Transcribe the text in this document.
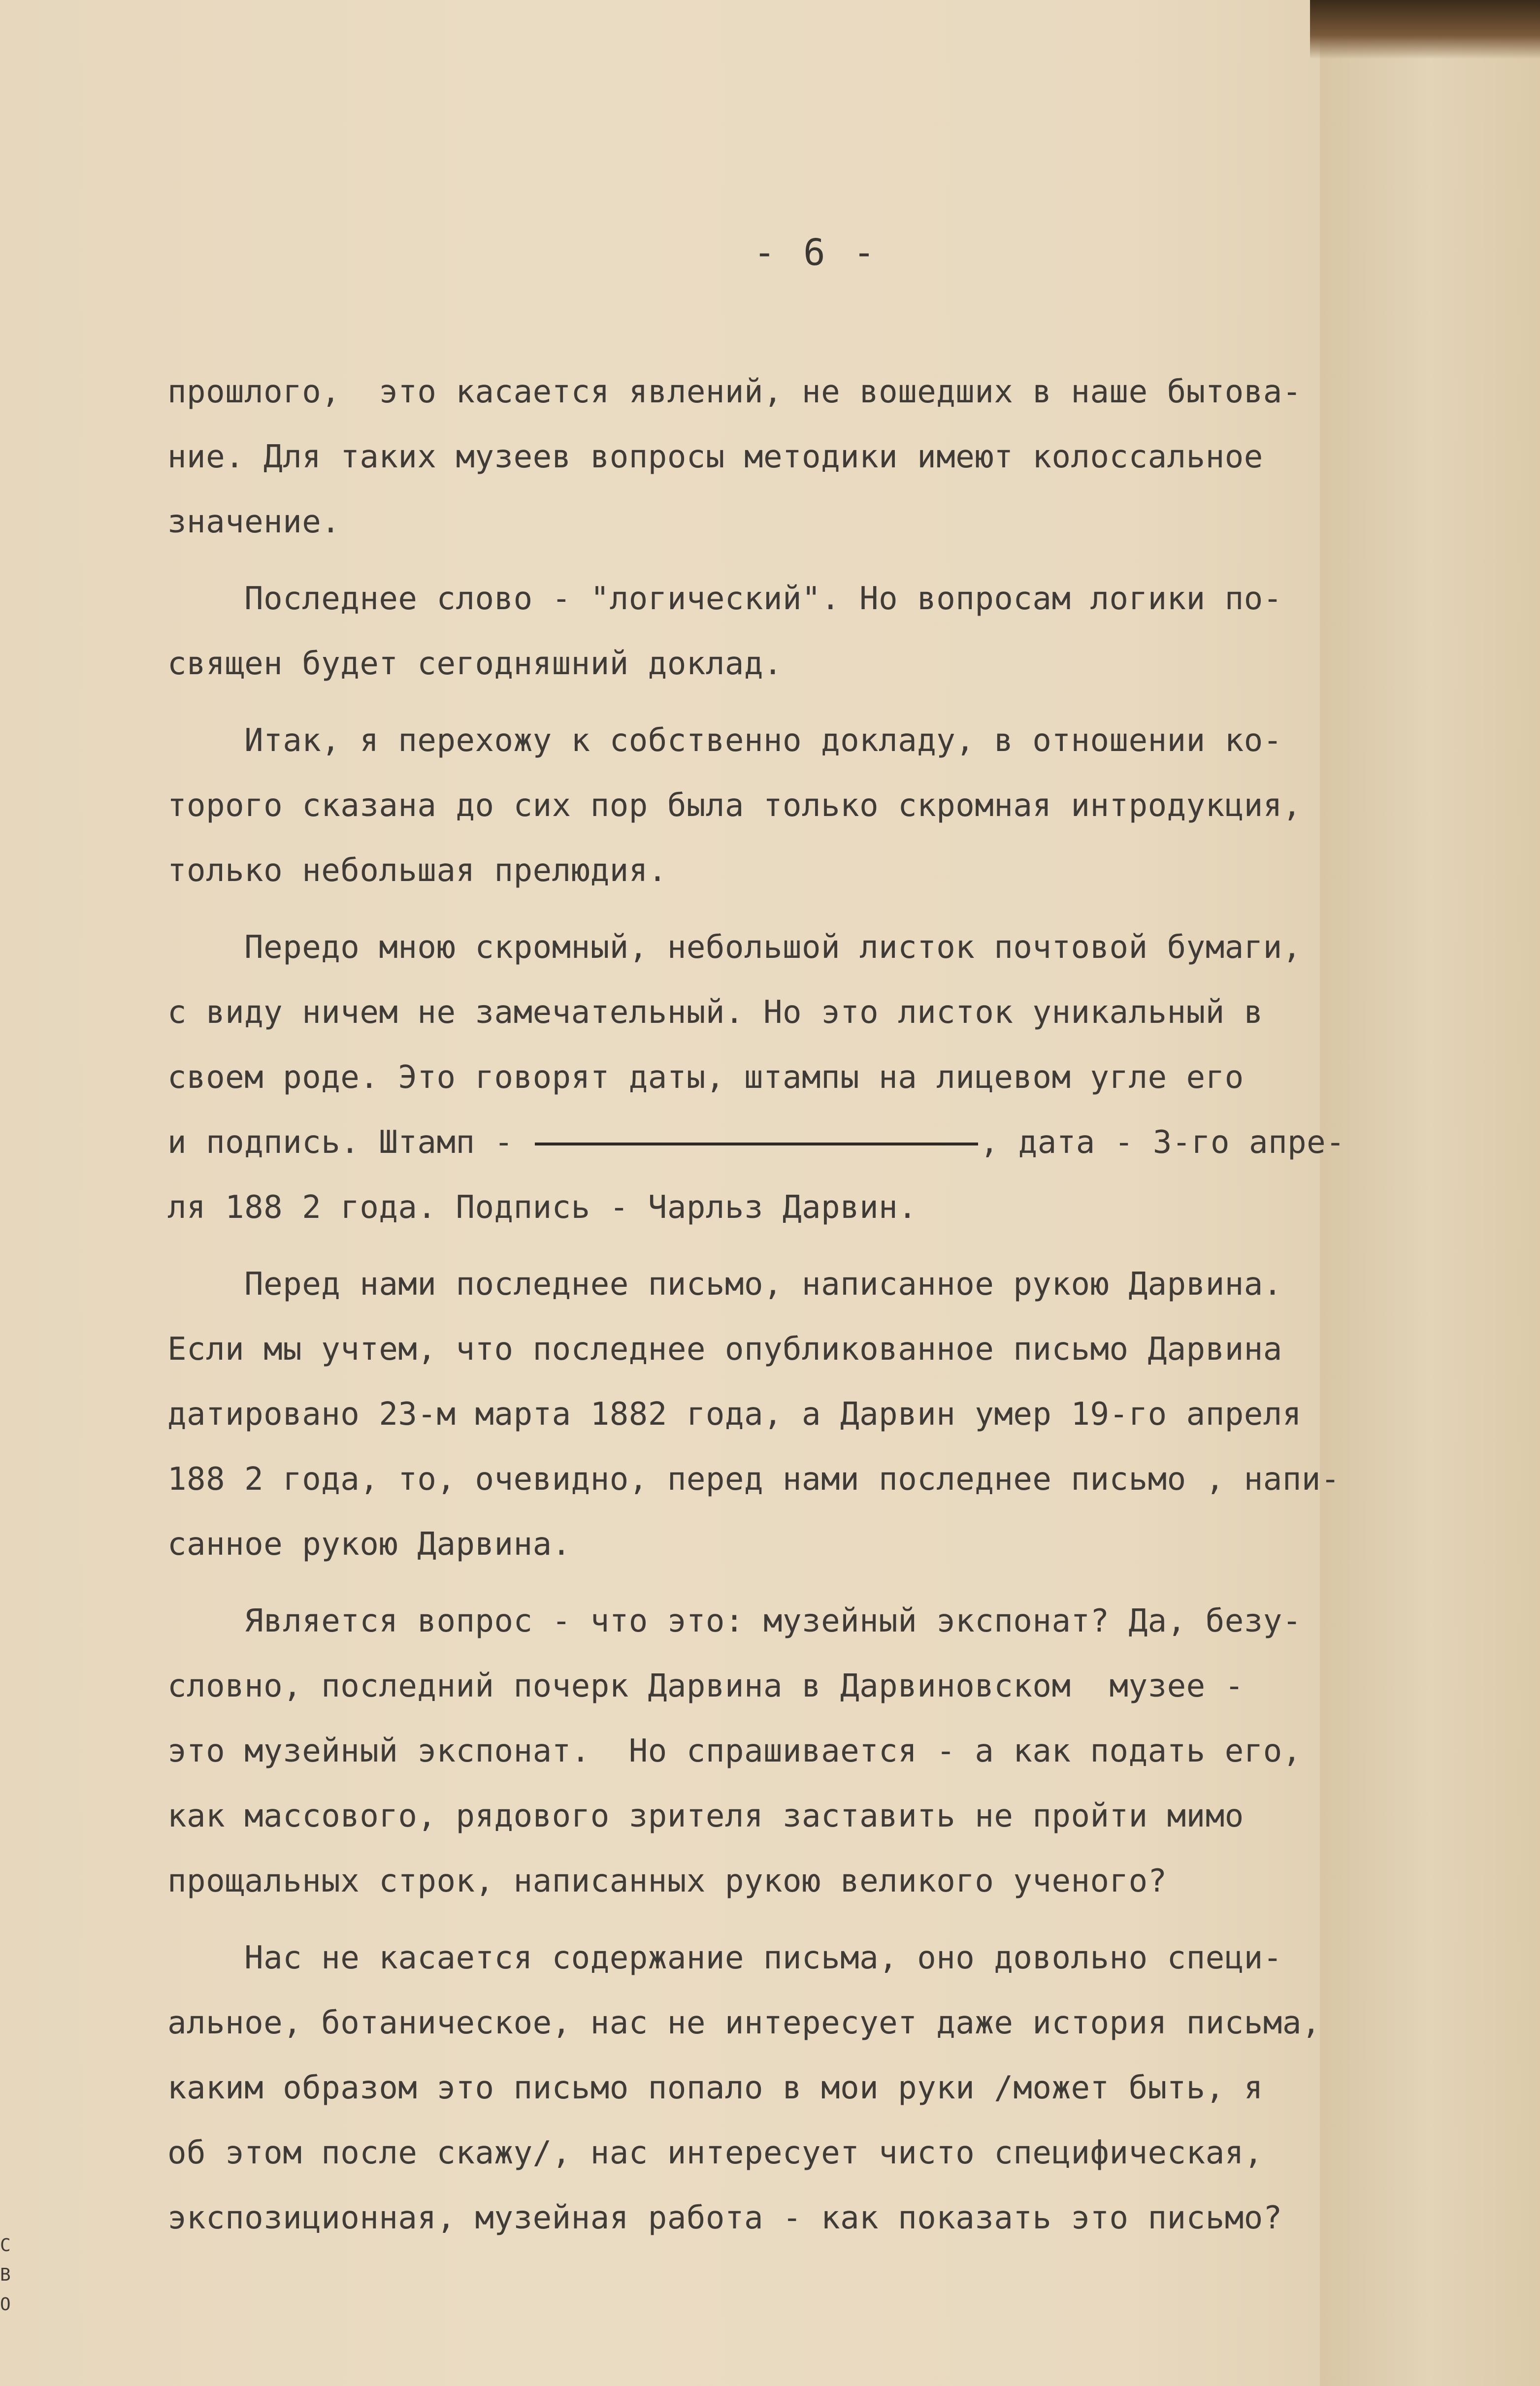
- 6 -
прошлого,  это касается явлений, не вошедших в наше бытова-
ние. Для таких музеев вопросы методики имеют колоссальное
значение.
Последнее слово - "логический". Но вопросам логики по-
священ будет сегодняшний доклад.
Итак, я перехожу к собственно докладу, в отношении ко-
торого сказана до сих пор была только скромная интродукция,
только небольшая прелюдия.
Передо мною скромный, небольшой листок почтовой бумаги,
с виду ничем не замечательный. Но это листок уникальный в
своем роде. Это говорят даты, штампы на лицевом угле его
и подпись. Штамп -	, дата - 3-го апре-
ля 188 2 года. Подпись - Чарльз Дарвин.
Перед нами последнее письмо, написанное рукою Дарвина.
Если мы учтем, что последнее опубликованное письмо Дарвина
датировано 23-м марта 1882 года, а Дарвин умер 19-го апреля
188 2 года, то, очевидно, перед нами последнее письмо , напи-
санное рукою Дарвина.
Является вопрос - что это: музейный экспонат? Да, безу-
словно, последний почерк Дарвина в Дарвиновском  музее -
это музейный экспонат.  Но спрашивается - а как подать его,
как массового, рядового зрителя заставить не пройти мимо
прощальных строк, написанных рукою великого ученого?
Нас не касается содержание письма, оно довольно специ-
альное, ботаническое, нас не интересует даже история письма,
каким образом это письмо попало в мои руки /может быть, я
об этом после скажу/, нас интересует чисто специфическая,
экспозиционная, музейная работа - как показать это письмо?
С
В
О
